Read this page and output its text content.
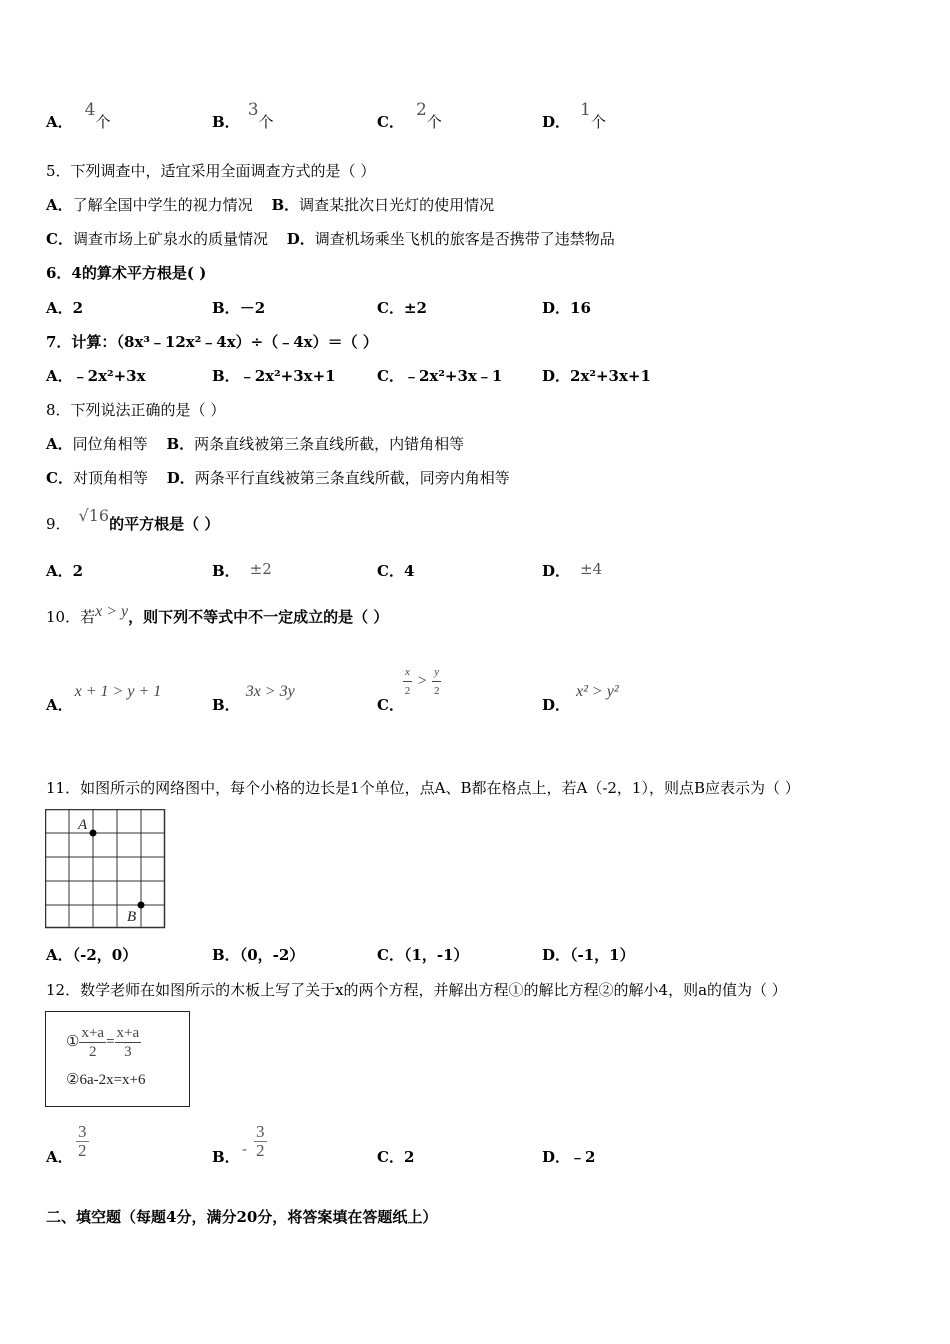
A．4个	B．3个	C．2个	D．1个
5．下列调查中，适宜采用全面调查方式的是（ ）
A．了解全国中学生的视力情况 B．调查某批次日光灯的使用情况
C．调查市场上矿泉水的质量情况 D．调查机场乘坐飞机的旅客是否携带了违禁物品
6．4的算术平方根是( )
A．2	B．－2	C．±2	D．16
7．计算：（8x³﹣12x²﹣4x）÷（﹣4x）＝（ ）
A．﹣2x²+3x	B．﹣2x²+3x+1	C．﹣2x²+3x﹣1	D．2x²+3x+1
8．下列说法正确的是（ ）
A．同位角相等 B．两条直线被第三条直线所截，内错角相等
C．对顶角相等 D．两条平行直线被第三条直线所截，同旁内角相等
9． √16的平方根是（ ）
A．2	B． ±2	C．4	D． ±4
10．若x > y，则下列不等式中不一定成立的是（ ）
A．x + 1 > y + 1
B．3x > 3y
C．
$\frac{x}{2} > \frac{y}{2}$
D．x² > y²
11．如图所示的网络图中，每个小格的边长是1个单位，点A、B都在格点上，若A（-2，1），则点B应表示为（ ）
A
B
A．（-2，0）	B．（0，-2）	C．（1，-1）	D．（-1，1）
12．数学老师在如图所示的木板上写了关于x的两个方程，并解出方程①的解比方程②的解小4，则a的值为（ ）
① $\frac{x+a}{2} = \frac{x+a}{3}$
②6a-2x=x+6
A． $\frac{3}{2}$	B． - $\frac{3}{2}$	C．2	D．﹣2
二、填空题（每题4分，满分20分，将答案填在答题纸上）
